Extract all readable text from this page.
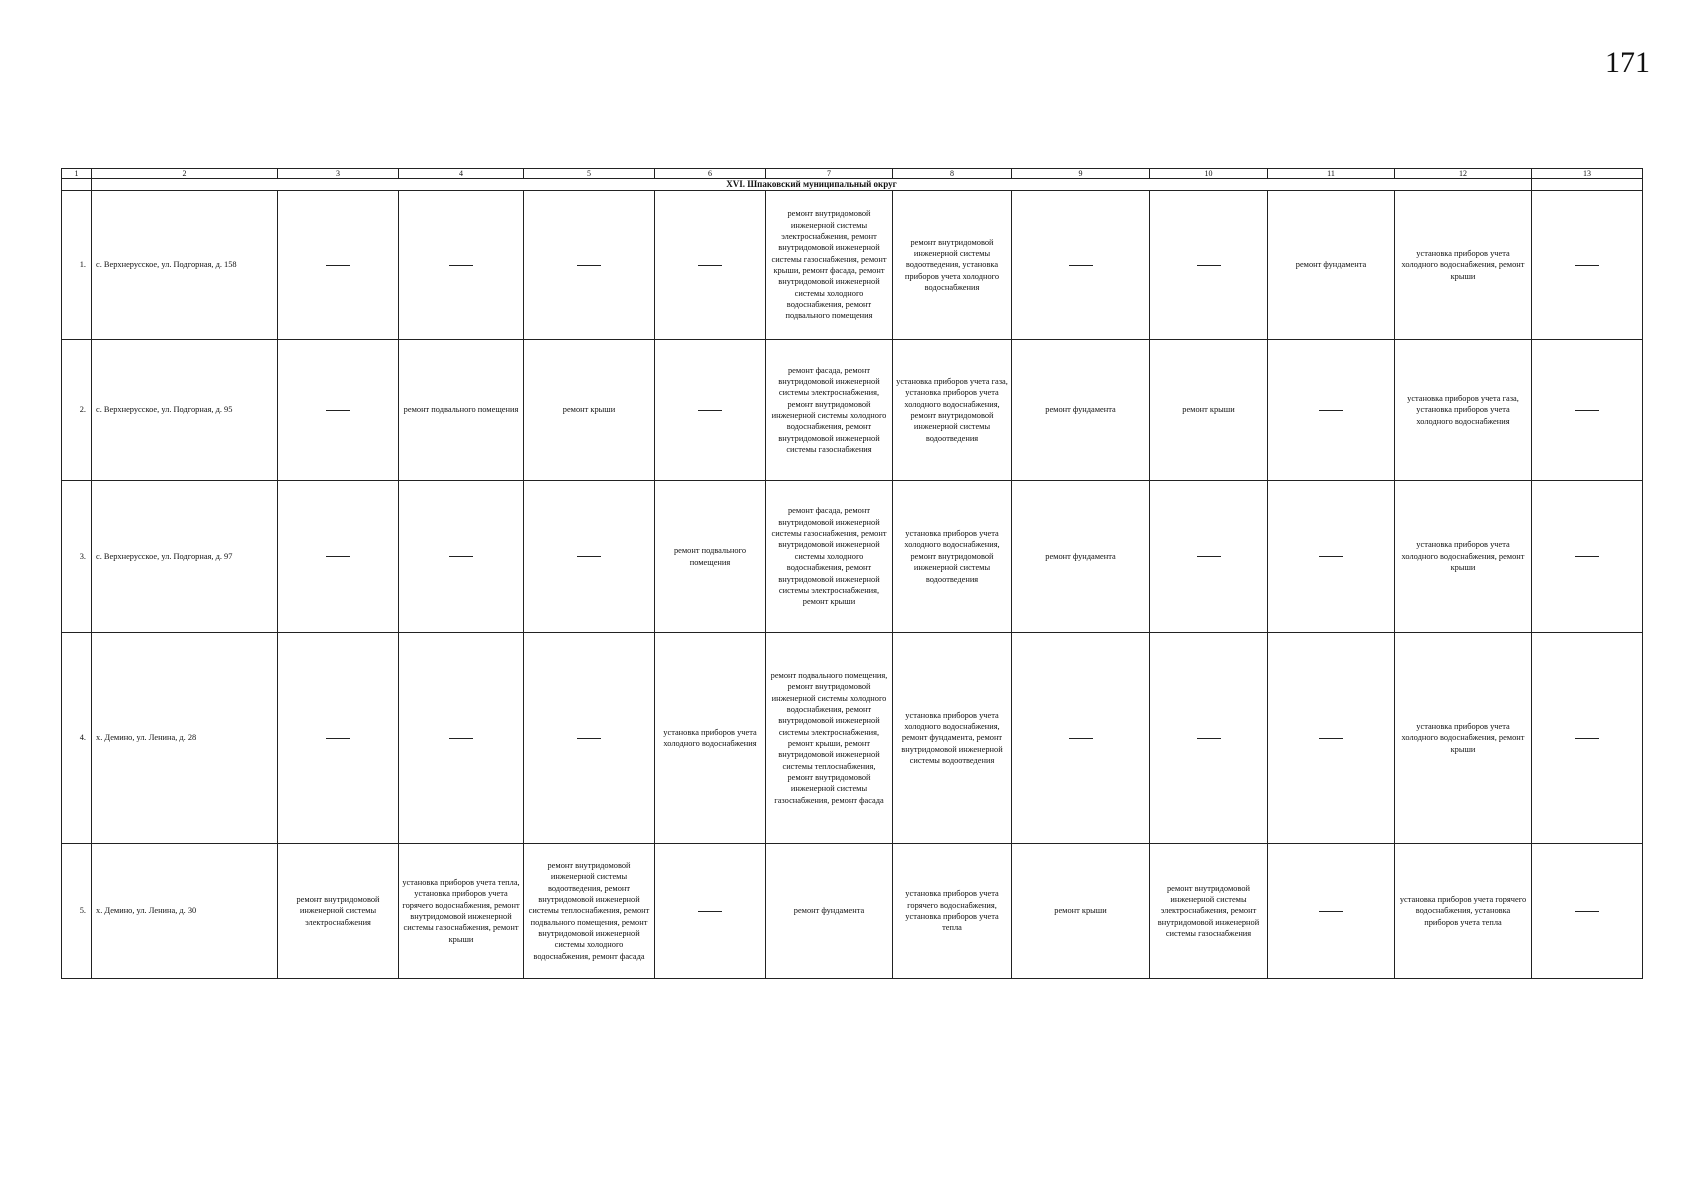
171
1	2	3	4	5	6	7	8	9	10	11	12	13
	XVI. Шпаковский муниципальный округ											
1.	с. Верхнерусское, ул. Подгорная, д. 158					ремонт внутридомовой инженерной системы электроснабжения, ремонт внутридомовой инженерной системы газоснабжения, ремонт крыши, ремонт фасада, ремонт внутридомовой инженерной системы холодного водоснабжения, ремонт подвального помещения	ремонт внутридомовой инженерной системы водоотведения, установка приборов учета холодного водоснабжения			ремонт фундамента	установка приборов учета холодного водоснабжения, ремонт крыши	
2.	с. Верхнерусское, ул. Подгорная, д. 95		ремонт подвального помещения	ремонт крыши		ремонт фасада, ремонт внутридомовой инженерной системы электроснабжения, ремонт внутридомовой инженерной системы холодного водоснабжения, ремонт внутридомовой инженерной системы газоснабжения	установка приборов учета газа, установка приборов учета холодного водоснабжения, ремонт внутридомовой инженерной системы водоотведения	ремонт фундамента	ремонт крыши		установка приборов учета газа, установка приборов учета холодного водоснабжения	
3.	с. Верхнерусское, ул. Подгорная, д. 97				ремонт подвального помещения	ремонт фасада, ремонт внутридомовой инженерной системы газоснабжения, ремонт внутридомовой инженерной системы холодного водоснабжения, ремонт внутридомовой инженерной системы электроснабжения, ремонт крыши	установка приборов учета холодного водоснабжения, ремонт внутридомовой инженерной системы водоотведения	ремонт фундамента			установка приборов учета холодного водоснабжения, ремонт крыши	
4.	х. Демино, ул. Ленина, д. 28				установка приборов учета холодного водоснабжения	ремонт подвального помещения, ремонт внутридомовой инженерной системы холодного водоснабжения, ремонт внутридомовой инженерной системы электроснабжения, ремонт крыши, ремонт внутридомовой инженерной системы теплоснабжения, ремонт внутридомовой инженерной системы газоснабжения, ремонт фасада	установка приборов учета холодного водоснабжения, ремонт фундамента, ремонт внутридомовой инженерной системы водоотведения				установка приборов учета холодного водоснабжения, ремонт крыши	
5.	х. Демино, ул. Ленина, д. 30	ремонт внутридомовой инженерной системы электроснабжения	установка приборов учета тепла, установка приборов учета горячего водоснабжения, ремонт внутридомовой инженерной системы газоснабжения, ремонт крыши	ремонт внутридомовой инженерной системы водоотведения, ремонт внутридомовой инженерной системы теплоснабжения, ремонт подвального помещения, ремонт внутридомовой инженерной системы холодного водоснабжения, ремонт фасада		ремонт фундамента	установка приборов учета горячего водоснабжения, установка приборов учета тепла	ремонт крыши	ремонт внутридомовой инженерной системы электроснабжения, ремонт внутридомовой инженерной системы газоснабжения		установка приборов учета горячего водоснабжения, установка приборов учета тепла	
